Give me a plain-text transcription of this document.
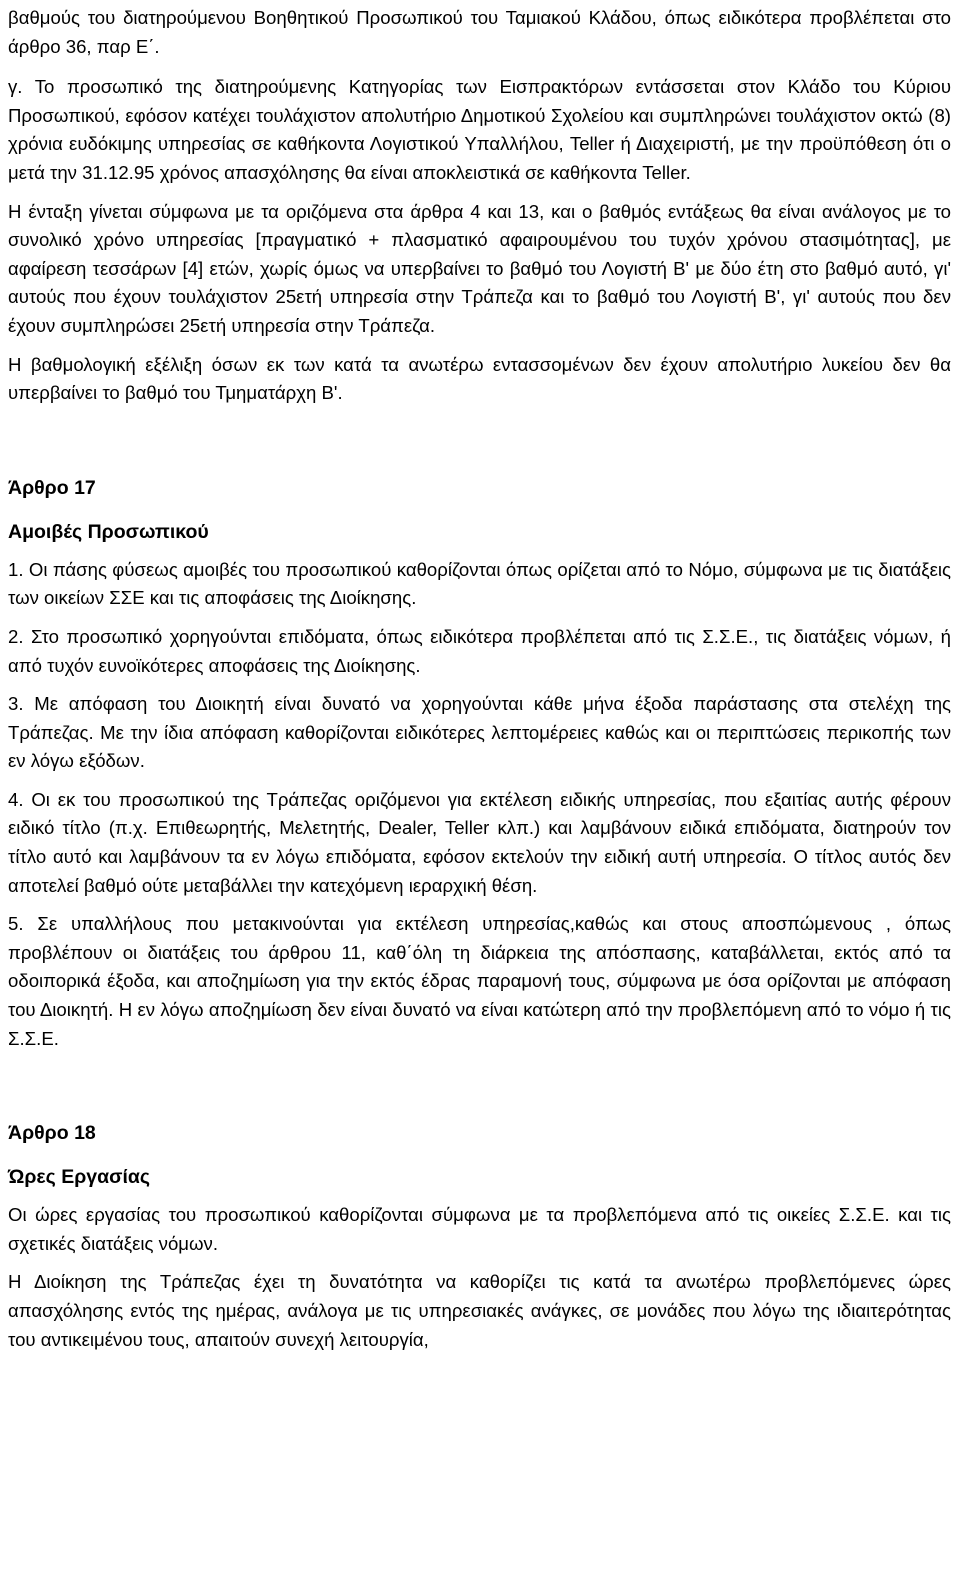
βαθμούς του διατηρούμενου Βοηθητικού Προσωπικού του Ταμιακού Κλάδου, όπως ειδικότερα προβλέπεται στο άρθρο 36, παρ Ε΄.

γ. Το προσωπικό της διατηρούμενης Κατηγορίας των Εισπρακτόρων εντάσσεται στον Κλάδο του Κύριου Προσωπικού, εφόσον κατέχει τουλάχιστον απολυτήριο Δημοτικού Σχολείου και συμπληρώνει τουλάχιστον οκτώ (8) χρόνια ευδόκιμης υπηρεσίας σε καθήκοντα Λογιστικού Υπαλλήλου, Teller ή Διαχειριστή, με την προϋπόθεση ότι ο μετά την 31.12.95 χρόνος απασχόλησης θα είναι αποκλειστικά σε καθήκοντα Teller.

Η ένταξη γίνεται σύμφωνα με τα οριζόμενα στα άρθρα 4 και 13, και ο βαθμός εντάξεως θα είναι ανάλογος με το συνολικό χρόνο υπηρεσίας [πραγματικό + πλασματικό αφαιρουμένου του τυχόν χρόνου στασιμότητας], με αφαίρεση τεσσάρων [4] ετών, χωρίς όμως να υπερβαίνει το βαθμό του Λογιστή Β' με δύο έτη στο βαθμό αυτό, γι' αυτούς που έχουν τουλάχιστον 25ετή υπηρεσία στην Τράπεζα και το βαθμό του Λογιστή Β', γι' αυτούς που δεν έχουν συμπληρώσει 25ετή υπηρεσία στην Τράπεζα.

Η βαθμολογική εξέλιξη όσων εκ των κατά τα ανωτέρω εντασσομένων δεν έχουν απολυτήριο λυκείου δεν θα υπερβαίνει το βαθμό του Τμηματάρχη Β'.

Άρθρο 17
Αμοιβές Προσωπικού

1. Οι πάσης φύσεως αμοιβές του προσωπικού καθορίζονται όπως ορίζεται από το Νόμο, σύμφωνα με τις διατάξεις των οικείων ΣΣΕ και τις αποφάσεις της Διοίκησης.

2. Στο προσωπικό χορηγούνται επιδόματα, όπως ειδικότερα προβλέπεται από τις Σ.Σ.Ε., τις διατάξεις νόμων, ή από τυχόν ευνοϊκότερες αποφάσεις της Διοίκησης.

3. Με απόφαση του Διοικητή είναι δυνατό να χορηγούνται κάθε μήνα έξοδα παράστασης στα στελέχη της Τράπεζας. Με την ίδια απόφαση καθορίζονται ειδικότερες λεπτομέρειες καθώς και οι περιπτώσεις περικοπής των εν λόγω εξόδων.

4. Οι εκ του προσωπικού της Τράπεζας οριζόμενοι για εκτέλεση ειδικής υπηρεσίας, που εξαιτίας αυτής φέρουν ειδικό τίτλο (π.χ. Επιθεωρητής, Μελετητής, Dealer, Teller κλπ.) και λαμβάνουν ειδικά επιδόματα, διατηρούν τον τίτλο αυτό και λαμβάνουν τα εν λόγω επιδόματα, εφόσον εκτελούν την ειδική αυτή υπηρεσία. Ο τίτλος αυτός δεν αποτελεί βαθμό ούτε μεταβάλλει την κατεχόμενη ιεραρχική θέση.

5. Σε υπαλλήλους που μετακινούνται για εκτέλεση υπηρεσίας,καθώς και στους αποσπώμενους , όπως προβλέπουν οι διατάξεις του άρθρου 11, καθ΄όλη τη διάρκεια της απόσπασης, καταβάλλεται, εκτός από τα οδοιπορικά έξοδα, και αποζημίωση για την εκτός έδρας παραμονή τους, σύμφωνα με όσα ορίζονται με απόφαση του Διοικητή. Η εν λόγω αποζημίωση δεν είναι δυνατό να είναι κατώτερη από την προβλεπόμενη από το νόμο ή τις Σ.Σ.Ε.

Άρθρο 18
Ώρες Εργασίας

Οι ώρες εργασίας του προσωπικού καθορίζονται σύμφωνα με τα προβλεπόμενα από τις οικείες Σ.Σ.Ε. και τις σχετικές διατάξεις νόμων.

Η Διοίκηση της Τράπεζας έχει τη δυνατότητα να καθορίζει τις κατά τα ανωτέρω προβλεπόμενες ώρες απασχόλησης εντός της ημέρας, ανάλογα με τις υπηρεσιακές ανάγκες, σε μονάδες που λόγω της ιδιαιτερότητας του αντικειμένου τους, απαιτούν συνεχή λειτουργία,
